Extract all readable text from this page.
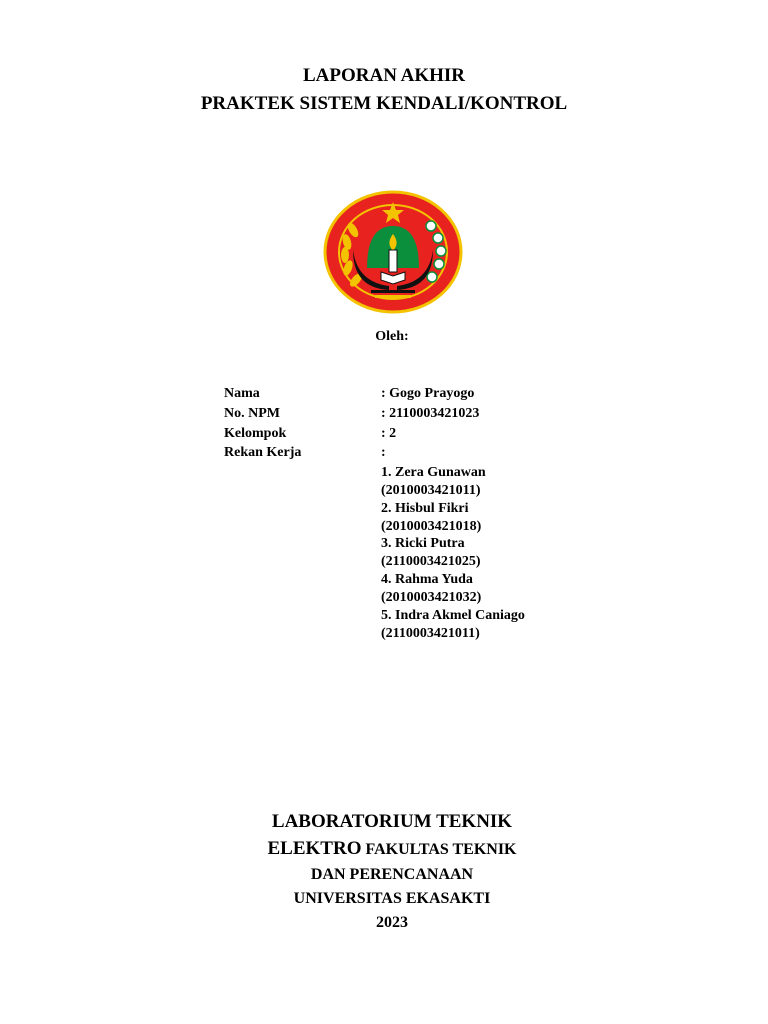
LAPORAN AKHIR
PRAKTEK SISTEM KENDALI/KONTROL
Oleh:
Nama	: Gogo Prayogo
No. NPM	: 2110003421023
Kelompok	: 2
Rekan Kerja	:
1. Zera Gunawan
(2010003421011)
2. Hisbul Fikri
(2010003421018)
3. Ricki Putra
(2110003421025)
4. Rahma Yuda
(2010003421032)
5. Indra Akmel Caniago
(2110003421011)
LABORATORIUM TEKNIK
ELEKTRO FAKULTAS TEKNIK
DAN PERENCANAAN
UNIVERSITAS EKASAKTI
2023
